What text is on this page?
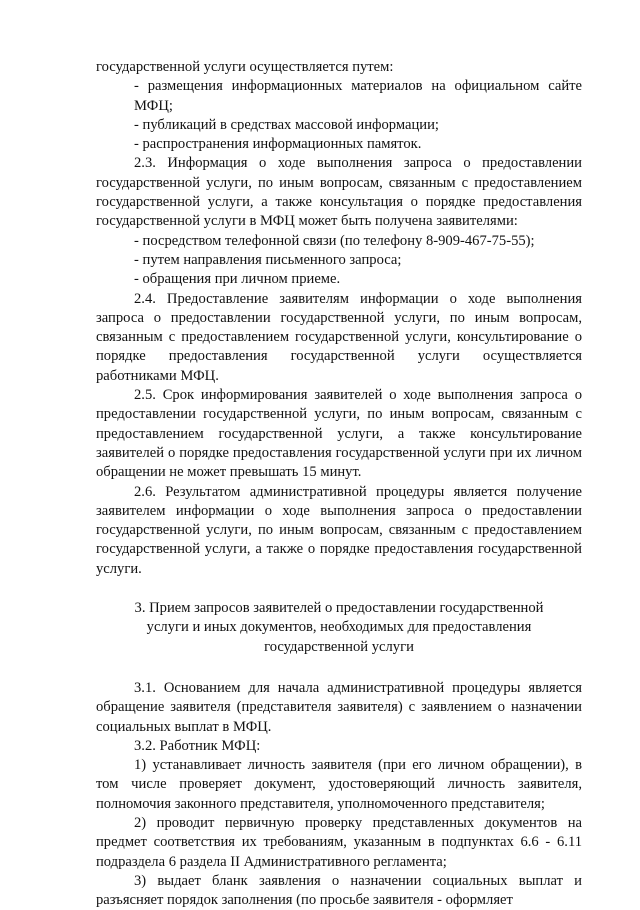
государственной услуги осуществляется путем:

- размещения информационных материалов на официальном сайте МФЦ;

- публикаций в средствах массовой информации;

- распространения информационных памяток.

2.3. Информация о ходе выполнения запроса о предоставлении государственной услуги, по иным вопросам, связанным с предоставлением государственной услуги, а также консультация о порядке предоставления государственной услуги в МФЦ может быть получена заявителями:

- посредством телефонной связи (по телефону 8-909-467-75-55);

- путем направления письменного запроса;

- обращения при личном приеме.

2.4. Предоставление заявителям информации о ходе выполнения запроса о предоставлении государственной услуги, по иным вопросам, связанным с предоставлением государственной услуги, консультирование о порядке предоставления государственной услуги осуществляется работниками МФЦ.

2.5. Срок информирования заявителей о ходе выполнения запроса о предоставлении государственной услуги, по иным вопросам, связанным с предоставлением государственной услуги, а также консультирование заявителей о порядке предоставления государственной услуги при их личном обращении не может превышать 15 минут.

2.6. Результатом административной процедуры является получение заявителем информации о ходе выполнения запроса о предоставлении государственной услуги, по иным вопросам, связанным с предоставлением государственной услуги, а также о порядке предоставления государственной услуги.

3. Прием запросов заявителей о предоставлении государственной
услуги и иных документов, необходимых для предоставления
государственной услуги

3.1. Основанием для начала административной процедуры является обращение заявителя (представителя заявителя) с заявлением о назначении социальных выплат в МФЦ.

3.2. Работник МФЦ:

1) устанавливает личность заявителя (при его личном обращении), в том числе проверяет документ, удостоверяющий личность заявителя, полномочия законного представителя, уполномоченного представителя;

2) проводит первичную проверку представленных документов на предмет соответствия их требованиям, указанным в подпунктах 6.6 - 6.11 подраздела 6 раздела II Административного регламента;

3) выдает бланк заявления о назначении социальных выплат и разъясняет порядок заполнения (по просьбе заявителя - оформляет
